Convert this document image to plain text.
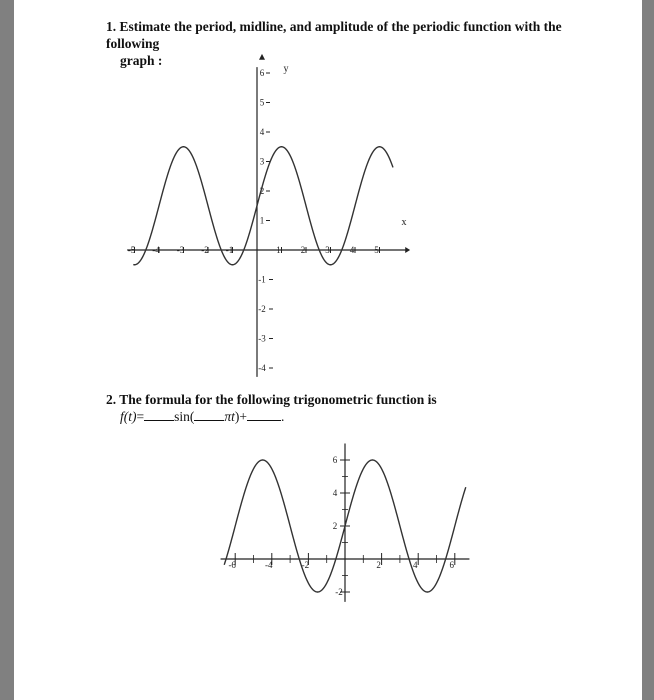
1. Estimate the period, midline, and amplitude of the periodic function with the following
graph :
x
y
-5 -4 -3 -2 -1	1 2 3 4 5
6
5
4
3
2
1
-1
-2
-3
-4
2. The formula for the following trigonometric function is
f(t)= sin( πt)+	.
-6	-4	-2	2	4	6
6
4
2
-2
